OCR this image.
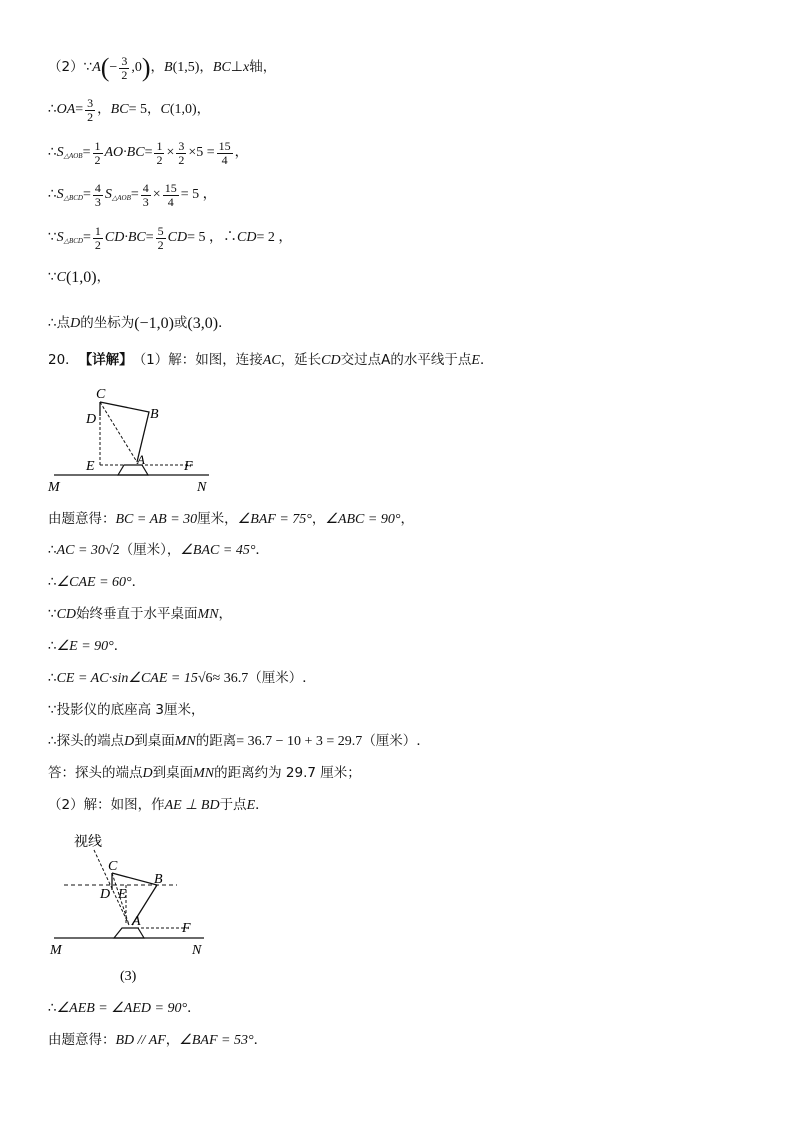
（2）∵ A ( − $\frac{3}{2} ,0$ ) ， B (1,5) ， BC ⊥ x 轴，
∴ OA = $\frac{3}{2}$ ， BC = 5 ， C (1,0) ，
∴ S △AOB = $\frac{1}{2} AO\cdot BC = \frac{1}{2} \times \frac{3}{2} \times 5 = \frac{15}{4}$ ，
∴ S △BCD = $\frac{4}{3}$ S △AOB = $\frac{4}{3} \times \frac{15}{4} = 5$ ，
∵ S △BCD = $\frac{1}{2} CD\cdot BC = \frac{5}{2}$ CD = 5 ，∴ CD = 2 ，
∵ C (1,0) ，
∴点 D 的坐标为 (−1,0) 或 (3,0) ．
20． 【详解】 （1）解：如图，连接 AC ，延长 CD 交过点A的水平线于点 E ．
C
D	B
A
E	F
M	N
由题意得： BC = AB = 30 厘米， ∠BAF = 75° ， ∠ABC = 90° ，
∴ AC = 30 √2 （厘米）， ∠BAC = 45° ．
∴ ∠CAE = 60° ．
∵ CD 始终垂直于水平桌面 MN ，
∴ ∠E = 90° ．
∴ CE = AC·sin∠CAE = 15 √6 ≈ 36.7 （厘米） ．
∵投影仪的底座高 3厘米，
∴探头的端点 D 到桌面 MN 的距离 = 36.7 − 10 + 3 = 29.7 （厘米） ．
答：探头的端点 D 到桌面 MN 的距离约为 29.7 厘米；
（2）解：如图，作 AE ⊥ BD 于点 E ．
视线
C
B
D E
A	F
M	N
(3)
∴ ∠AEB = ∠AED = 90° ．
由题意得： BD // AF ， ∠BAF = 53° ．
